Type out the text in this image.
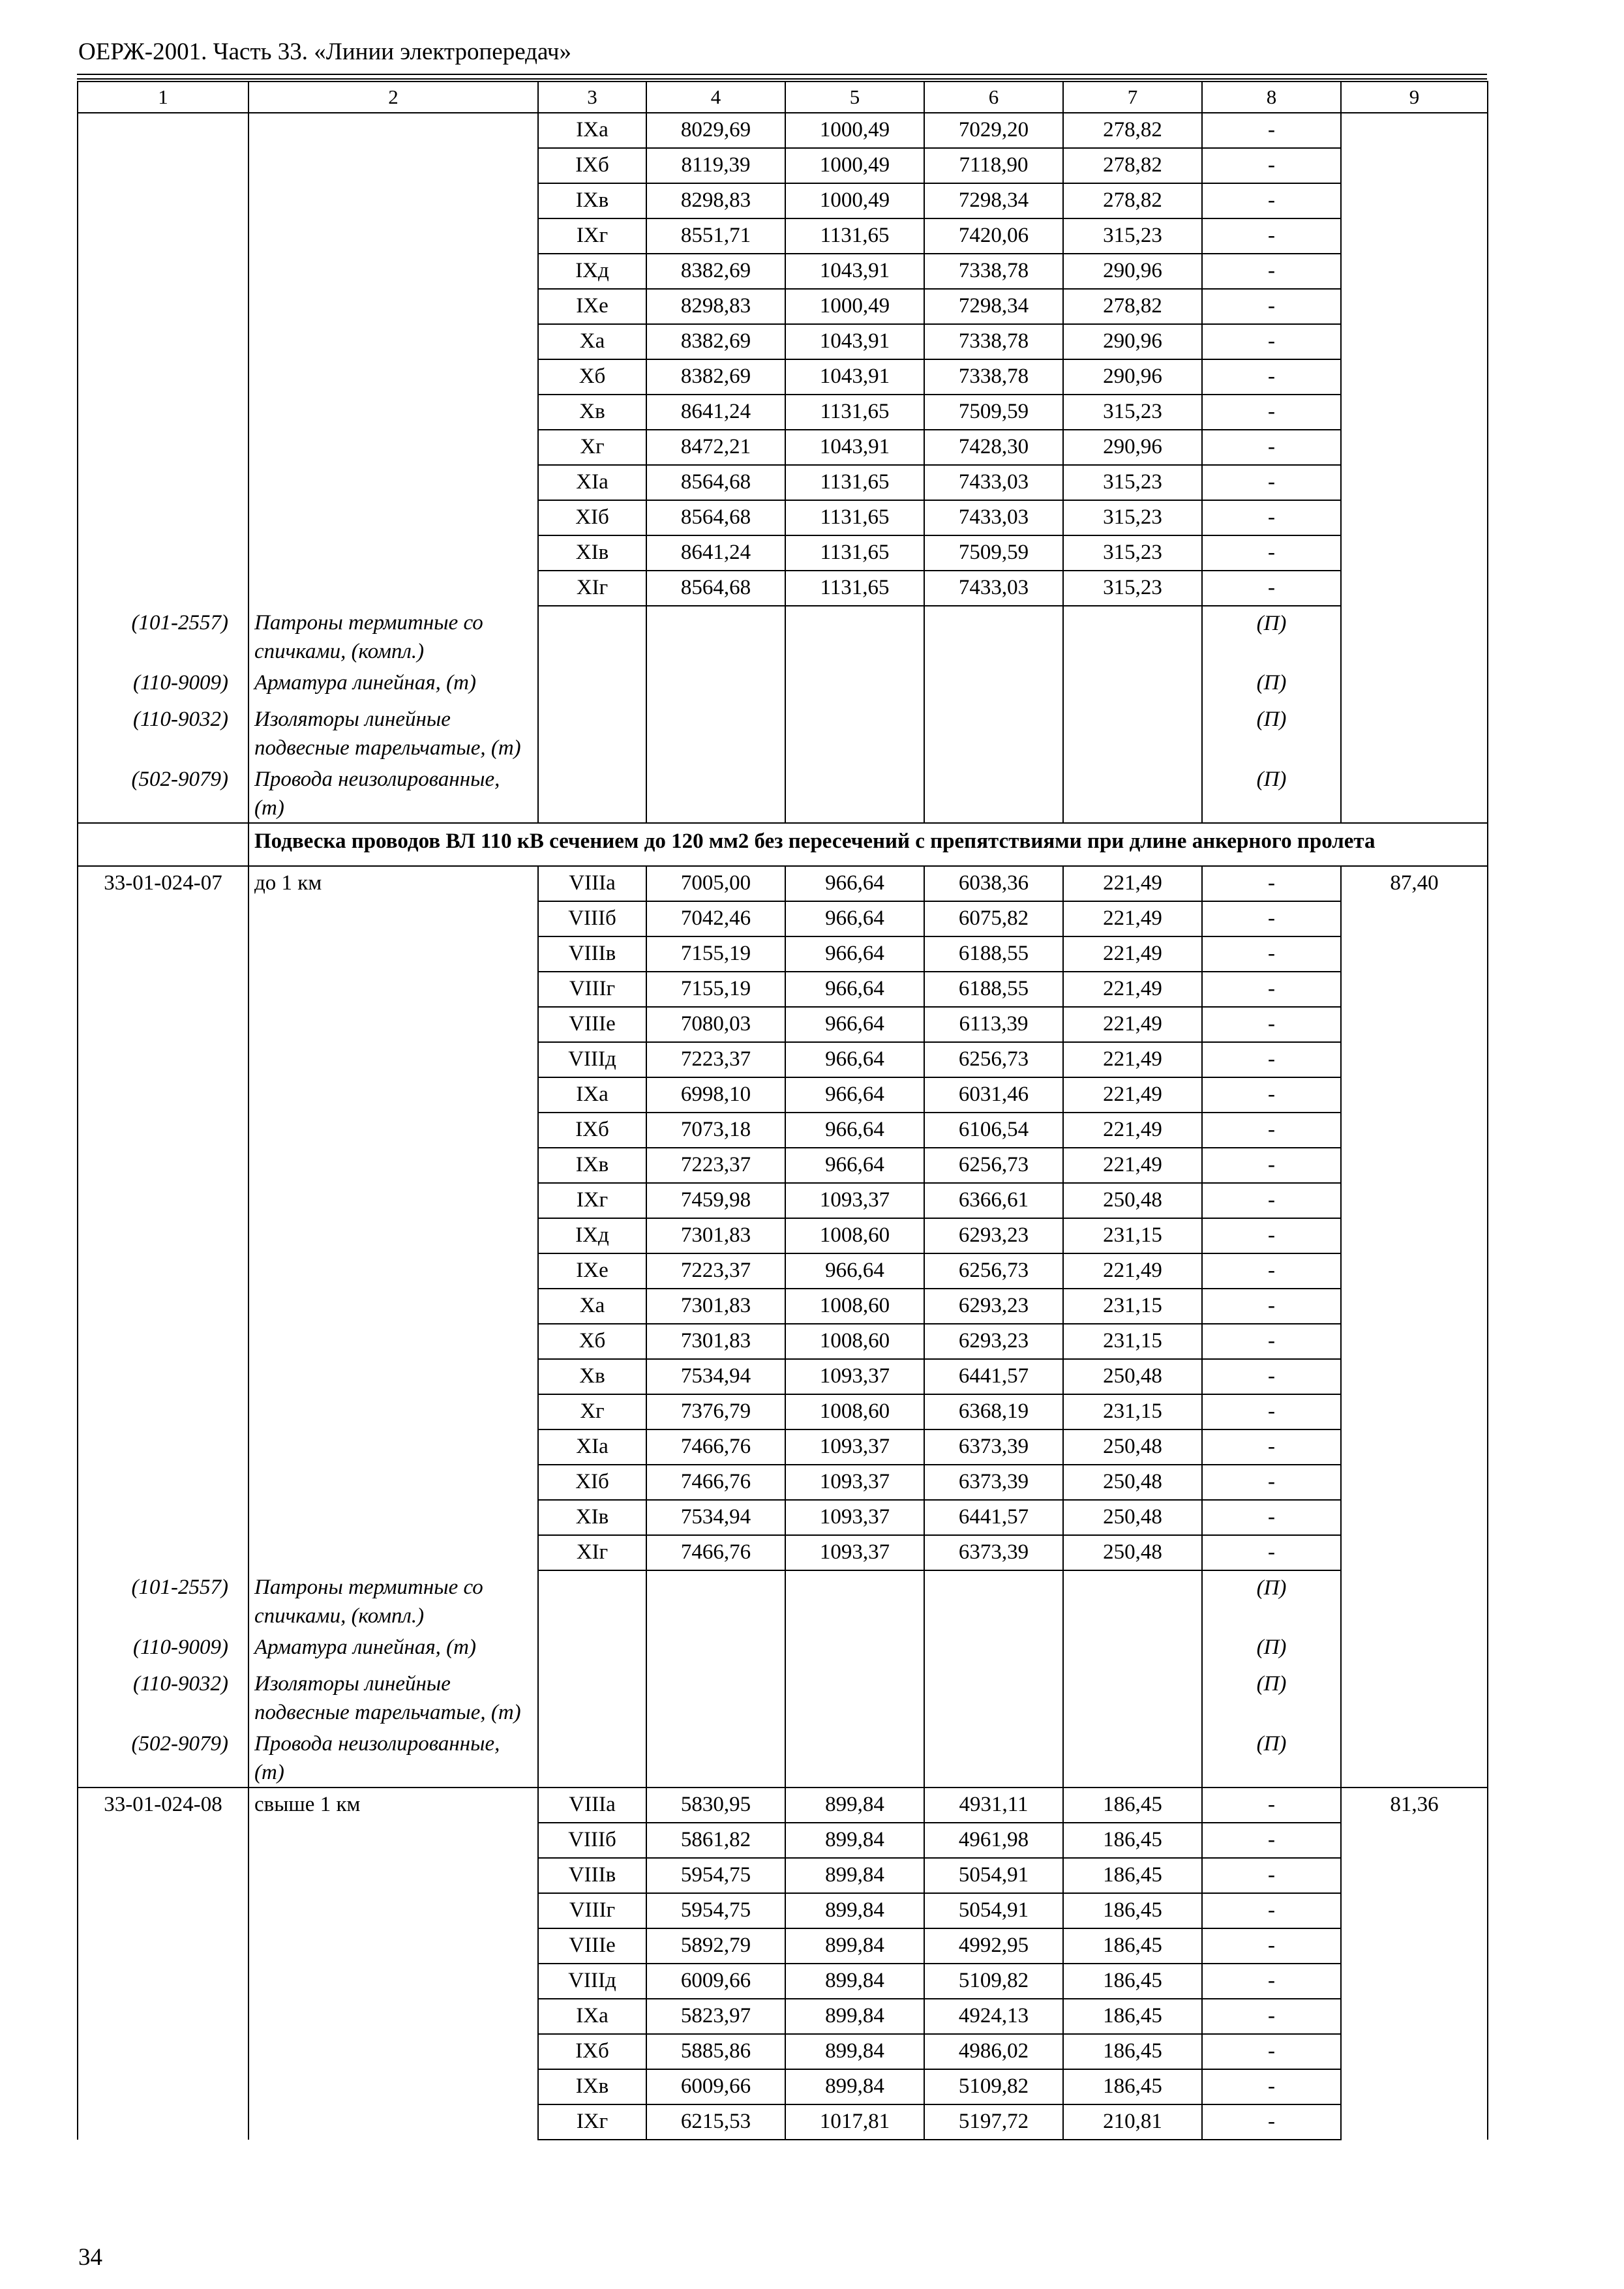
ОЕРЖ-2001. Часть 33. «Линии электропередач»
1	2	3	4	5	6	7	8	9
		IXа	8029,69	1000,49	7029,20	278,82	-	
		IXб	8119,39	1000,49	7118,90	278,82	-	
		IXв	8298,83	1000,49	7298,34	278,82	-	
		IXг	8551,71	1131,65	7420,06	315,23	-	
		IXд	8382,69	1043,91	7338,78	290,96	-	
		IXе	8298,83	1000,49	7298,34	278,82	-	
		Xа	8382,69	1043,91	7338,78	290,96	-	
		Xб	8382,69	1043,91	7338,78	290,96	-	
		Xв	8641,24	1131,65	7509,59	315,23	-	
		Xг	8472,21	1043,91	7428,30	290,96	-	
		XIа	8564,68	1131,65	7433,03	315,23	-	
		XIб	8564,68	1131,65	7433,03	315,23	-	
		XIв	8641,24	1131,65	7509,59	315,23	-	
		XIг	8564,68	1131,65	7433,03	315,23	-	
(101-2557)	Патроны термитные со спичками, (компл.)						(П)	
(110-9009)	Арматура линейная, (т)						(П)	
(110-9032)	Изоляторы линейные подвесные тарельчатые, (т)						(П)	
(502-9079)	Провода неизолированные, (т)						(П)	
	Подвеска проводов ВЛ 110 кВ сечением до 120 мм2 без пересечений с препятствиями при длине анкерного пролета							
33-01-024-07	до 1 км	VIIIа	7005,00	966,64	6038,36	221,49	-	87,40
		VIIIб	7042,46	966,64	6075,82	221,49	-	
		VIIIв	7155,19	966,64	6188,55	221,49	-	
		VIIIг	7155,19	966,64	6188,55	221,49	-	
		VIIIе	7080,03	966,64	6113,39	221,49	-	
		VIIIд	7223,37	966,64	6256,73	221,49	-	
		IXа	6998,10	966,64	6031,46	221,49	-	
		IXб	7073,18	966,64	6106,54	221,49	-	
		IXв	7223,37	966,64	6256,73	221,49	-	
		IXг	7459,98	1093,37	6366,61	250,48	-	
		IXд	7301,83	1008,60	6293,23	231,15	-	
		IXе	7223,37	966,64	6256,73	221,49	-	
		Xа	7301,83	1008,60	6293,23	231,15	-	
		Xб	7301,83	1008,60	6293,23	231,15	-	
		Xв	7534,94	1093,37	6441,57	250,48	-	
		Xг	7376,79	1008,60	6368,19	231,15	-	
		XIа	7466,76	1093,37	6373,39	250,48	-	
		XIб	7466,76	1093,37	6373,39	250,48	-	
		XIв	7534,94	1093,37	6441,57	250,48	-	
		XIг	7466,76	1093,37	6373,39	250,48	-	
(101-2557)	Патроны термитные со спичками, (компл.)						(П)	
(110-9009)	Арматура линейная, (т)						(П)	
(110-9032)	Изоляторы линейные подвесные тарельчатые, (т)						(П)	
(502-9079)	Провода неизолированные, (т)						(П)	
33-01-024-08	свыше 1 км	VIIIа	5830,95	899,84	4931,11	186,45	-	81,36
		VIIIб	5861,82	899,84	4961,98	186,45	-	
		VIIIв	5954,75	899,84	5054,91	186,45	-	
		VIIIг	5954,75	899,84	5054,91	186,45	-	
		VIIIе	5892,79	899,84	4992,95	186,45	-	
		VIIIд	6009,66	899,84	5109,82	186,45	-	
		IXа	5823,97	899,84	4924,13	186,45	-	
		IXб	5885,86	899,84	4986,02	186,45	-	
		IXв	6009,66	899,84	5109,82	186,45	-	
		IXг	6215,53	1017,81	5197,72	210,81	-	
34
